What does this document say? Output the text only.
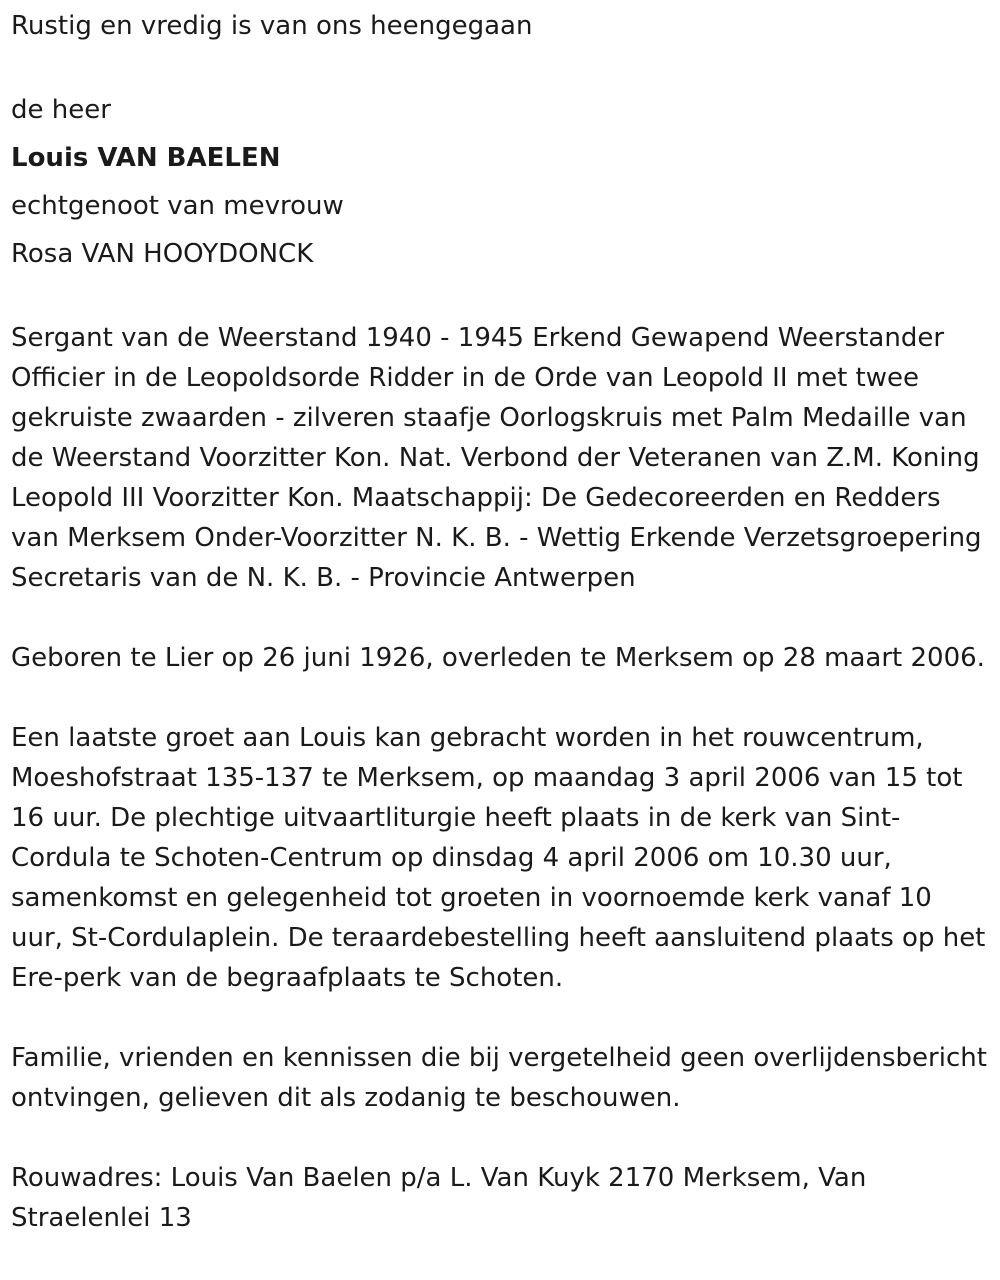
Rustig en vredig is van ons heengegaan

de heer

Louis VAN BAELEN

echtgenoot van mevrouw

Rosa VAN HOOYDONCK

Sergant van de Weerstand 1940 - 1945 Erkend Gewapend Weerstander Officier in de Leopoldsorde Ridder in de Orde van Leopold II met twee gekruiste zwaarden - zilveren staafje Oorlogskruis met Palm Medaille van de Weerstand Voorzitter Kon. Nat. Verbond der Veteranen van Z.M. Koning Leopold III Voorzitter Kon. Maatschappij: De Gedecoreerden en Redders van Merksem Onder-Voorzitter N. K. B. - Wettig Erkende Verzetsgroepering Secretaris van de N. K. B. - Provincie Antwerpen

Geboren te Lier op 26 juni 1926, overleden te Merksem op 28 maart 2006.

Een laatste groet aan Louis kan gebracht worden in het rouwcentrum, Moeshofstraat 135-137 te Merksem, op maandag 3 april 2006 van 15 tot 16 uur. De plechtige uitvaartliturgie heeft plaats in de kerk van Sint-Cordula te Schoten-Centrum op dinsdag 4 april 2006 om 10.30 uur, samenkomst en gelegenheid tot groeten in voornoemde kerk vanaf 10 uur, St-Cordulaplein. De teraardebestelling heeft aansluitend plaats op het Ere-perk van de begraafplaats te Schoten.

Familie, vrienden en kennissen die bij vergetelheid geen overlijdensbericht ontvingen, gelieven dit als zodanig te beschouwen.

Rouwadres: Louis Van Baelen p/a L. Van Kuyk 2170 Merksem, Van Straelenlei 13
